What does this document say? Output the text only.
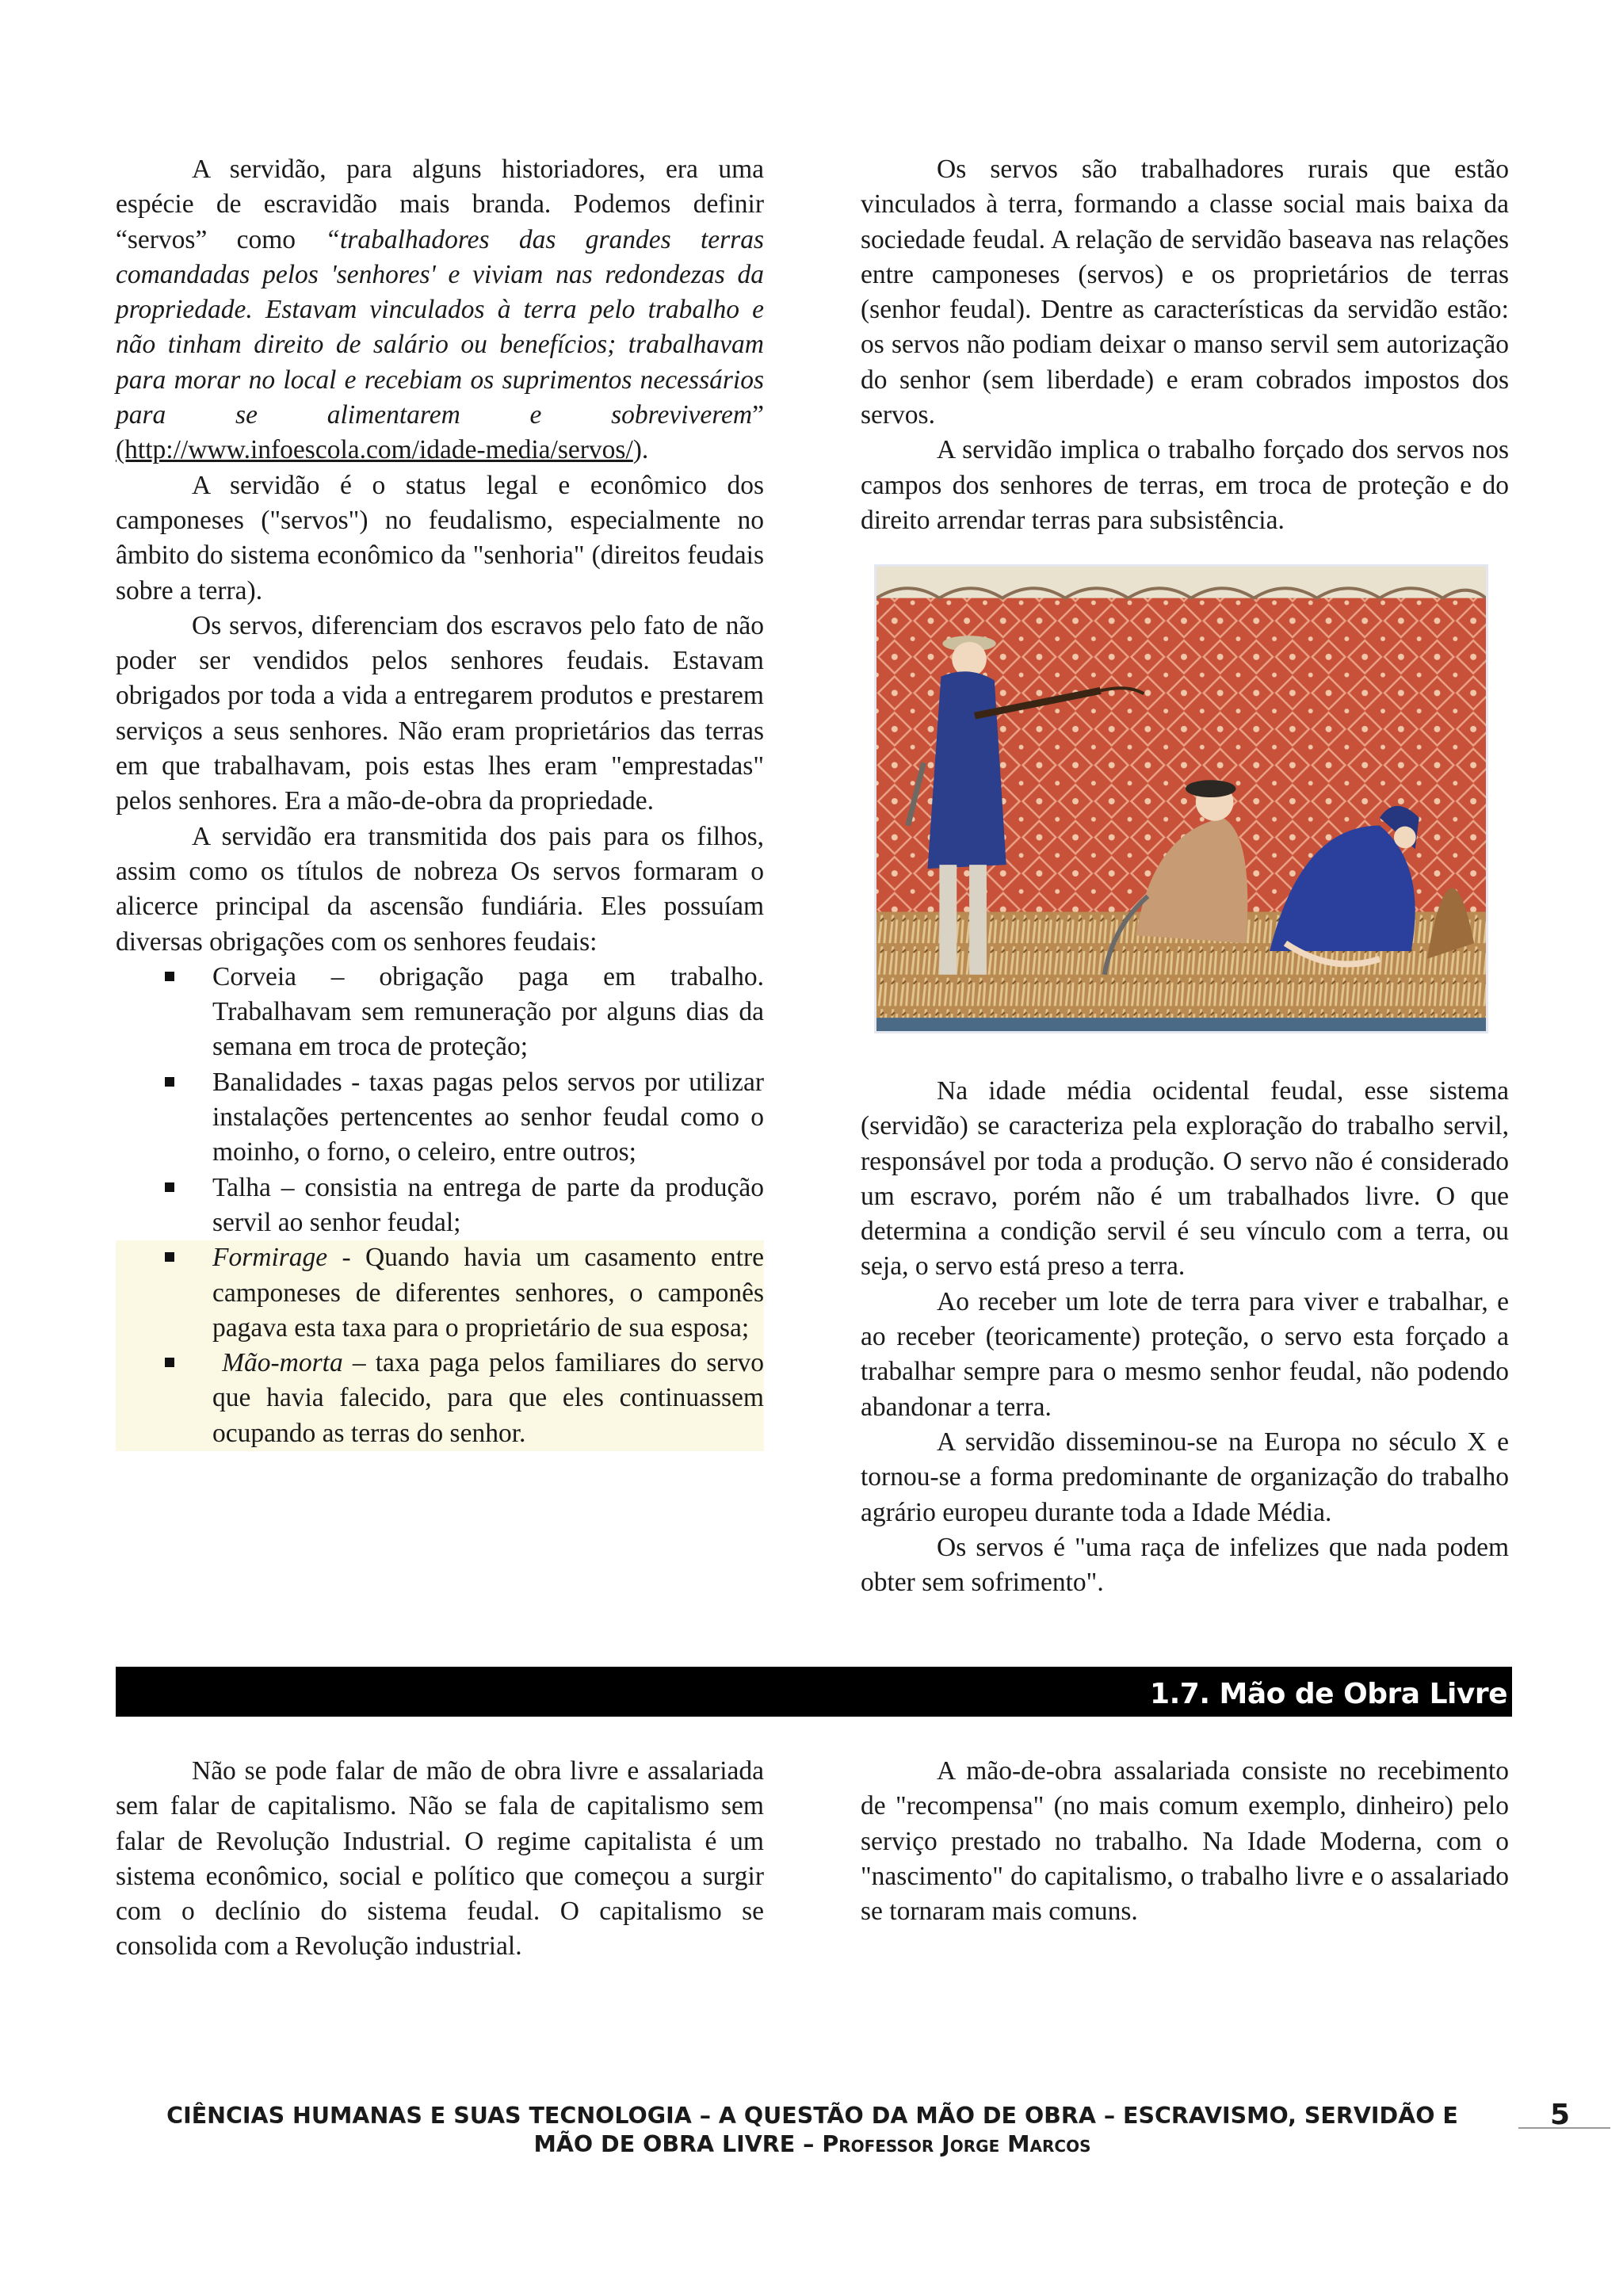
A servidão, para alguns historiadores, era uma espécie de escravidão mais branda. Podemos definir “servos” como “trabalhadores das grandes terras comandadas pelos 'senhores' e viviam nas redondezas da propriedade. Estavam vinculados à terra pelo trabalho e não tinham direito de salário ou benefícios; trabalhavam para morar no local e recebiam os suprimentos necessários para se alimentarem e sobreviverem” (http://www.infoescola.com/idade-media/servos/).

A servidão é o status legal e econômico dos camponeses ("servos") no feudalismo, especialmente no âmbito do sistema econômico da "senhoria" (direitos feudais sobre a terra).

Os servos, diferenciam dos escravos pelo fato de não poder ser vendidos pelos senhores feudais. Estavam obrigados por toda a vida a entregarem produtos e prestarem serviços a seus senhores. Não eram proprietários das terras em que trabalhavam, pois estas lhes eram "emprestadas" pelos senhores. Era a mão-de-obra da propriedade.

A servidão era transmitida dos pais para os filhos, assim como os títulos de nobreza Os servos formaram o alicerce principal da ascensão fundiária. Eles possuíam diversas obrigações com os senhores feudais:

Corveia – obrigação paga em trabalho. Trabalhavam sem remuneração por alguns dias da semana em troca de proteção;
Banalidades - taxas pagas pelos servos por utilizar instalações pertencentes ao senhor feudal como o moinho, o forno, o celeiro, entre outros;
Talha – consistia na entrega de parte da produção servil ao senhor feudal;
Formirage - Quando havia um casamento entre camponeses de diferentes senhores, o camponês pagava esta taxa para o proprietário de sua esposa;
Mão-morta – taxa paga pelos familiares do servo que havia falecido, para que eles continuassem ocupando as terras do senhor.

Os servos são trabalhadores rurais que estão vinculados à terra, formando a classe social mais baixa da sociedade feudal. A relação de servidão baseava nas relações entre camponeses (servos) e os proprietários de terras (senhor feudal). Dentre as características da servidão estão: os servos não podiam deixar o manso servil sem autorização do senhor (sem liberdade) e eram cobrados impostos dos servos.

A servidão implica o trabalho forçado dos servos nos campos dos senhores de terras, em troca de proteção e do direito arrendar terras para subsistência.

Na idade média ocidental feudal, esse sistema (servidão) se caracteriza pela exploração do trabalho servil, responsável por toda a produção. O servo não é considerado um escravo, porém não é um trabalhados livre. O que determina a condição servil é seu vínculo com a terra, ou seja, o servo está preso a terra.

Ao receber um lote de terra para viver e trabalhar, e ao receber (teoricamente) proteção, o servo esta forçado a trabalhar sempre para o mesmo senhor feudal, não podendo abandonar a terra.

A servidão disseminou-se na Europa no século X e tornou-se a forma predominante de organização do trabalho agrário europeu durante toda a Idade Média.

Os servos é "uma raça de infelizes que nada podem obter sem sofrimento".

1.7. Mão de Obra Livre

Não se pode falar de mão de obra livre e assalariada sem falar de capitalismo. Não se fala de capitalismo sem falar de Revolução Industrial. O regime capitalista é um sistema econômico, social e político que começou a surgir com o declínio do sistema feudal. O capitalismo se consolida com a Revolução industrial.

A mão-de-obra assalariada consiste no recebimento de "recompensa" (no mais comum exemplo, dinheiro) pelo serviço prestado no trabalho. Na Idade Moderna, com o "nascimento" do capitalismo, o trabalho livre e o assalariado se tornaram mais comuns.

CIÊNCIAS HUMANAS E SUAS TECNOLOGIA – A QUESTÃO DA MÃO DE OBRA – ESCRAVISMO, SERVIDÃO E
MÃO DE OBRA LIVRE – Professor Jorge Marcos
5
